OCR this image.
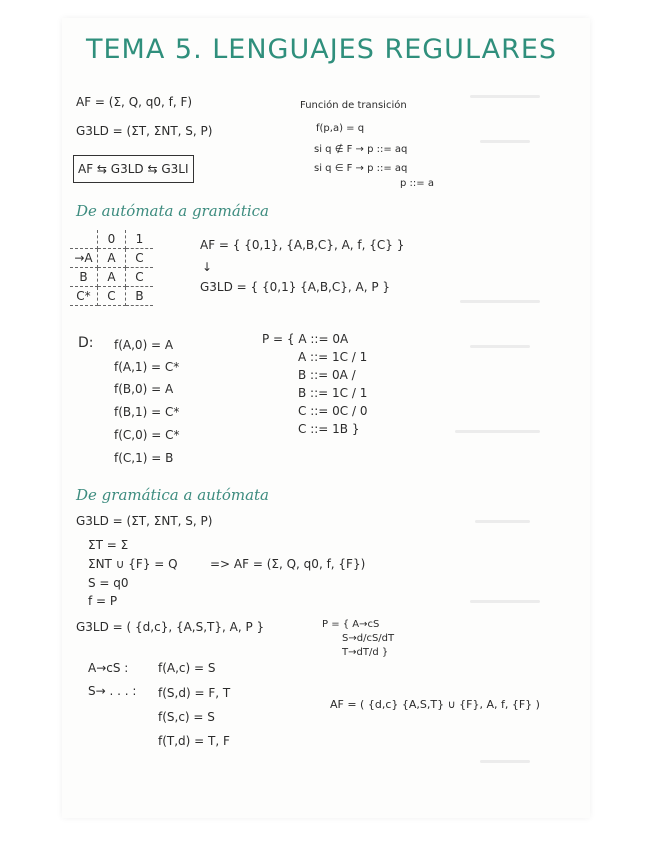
TEMA 5. LENGUAJES REGULARES
AF = (Σ, Q, q0, f, F)
G3LD = (ΣT, ΣNT, S, P)
AF ⇆ G3LD ⇆ G3LI
Función de transición
f(p,a) = q
si q ∉ F → p ::= aq
si q ∈ F → p ::= aq
p ::= a
De autómata a gramática
	0	1
→A	A	C
B	A	C
C*	C	B
AF = { {0,1}, {A,B,C}, A, f, {C} }
↓
G3LD = { {0,1} {A,B,C}, A, P }
D: f(A,0) = A
f(A,1) = C*
f(B,0) = A
f(B,1) = C*
f(C,0) = C*
f(C,1) = B
P = { A ::= 0A
A ::= 1C / 1
B ::= 0A /
B ::= 1C / 1
C ::= 0C / 0
C ::= 1B }
De gramática a autómata
G3LD = (ΣT, ΣNT, S, P)
ΣT = Σ
ΣNT ∪ {F} = Q
S = q0
f = P
=> AF = (Σ, Q, q0, f, {F})
G3LD = ( {d,c}, {A,S,T}, A, P }	P = { A→cS
S→d/cS/dT
T→dT/d }
A→cS :
S→ . . . :
f(A,c) = S
f(S,d) = F, T
f(S,c) = S
f(T,d) = T, F
AF = ( {d,c} {A,S,T} ∪ {F}, A, f, {F} )
